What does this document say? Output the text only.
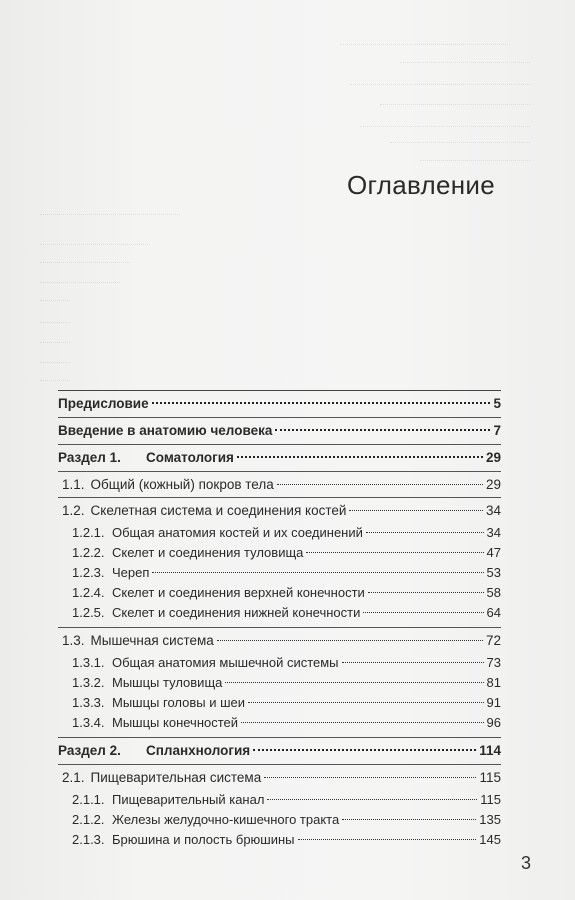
Оглавление
Предисловие	5
Введение в анатомию человека	7
Раздел 1.	Соматология	29
1.1. Общий (кожный) покров тела	29
1.2. Скелетная система и соединения костей	34
1.2.1. Общая анатомия костей и их соединений	34
1.2.2. Скелет и соединения туловища	47
1.2.3. Череп	53
1.2.4. Скелет и соединения верхней конечности	58
1.2.5. Скелет и соединения нижней конечности	64
1.3. Мышечная система	72
1.3.1. Общая анатомия мышечной системы	73
1.3.2. Мышцы туловища	81
1.3.3. Мышцы головы и шеи	91
1.3.4. Мышцы конечностей	96
Раздел 2.	Спланхнология	114
2.1. Пищеварительная система	115
2.1.1. Пищеварительный канал	115
2.1.2. Железы желудочно-кишечного тракта	135
2.1.3. Брюшина и полость брюшины	145
3
